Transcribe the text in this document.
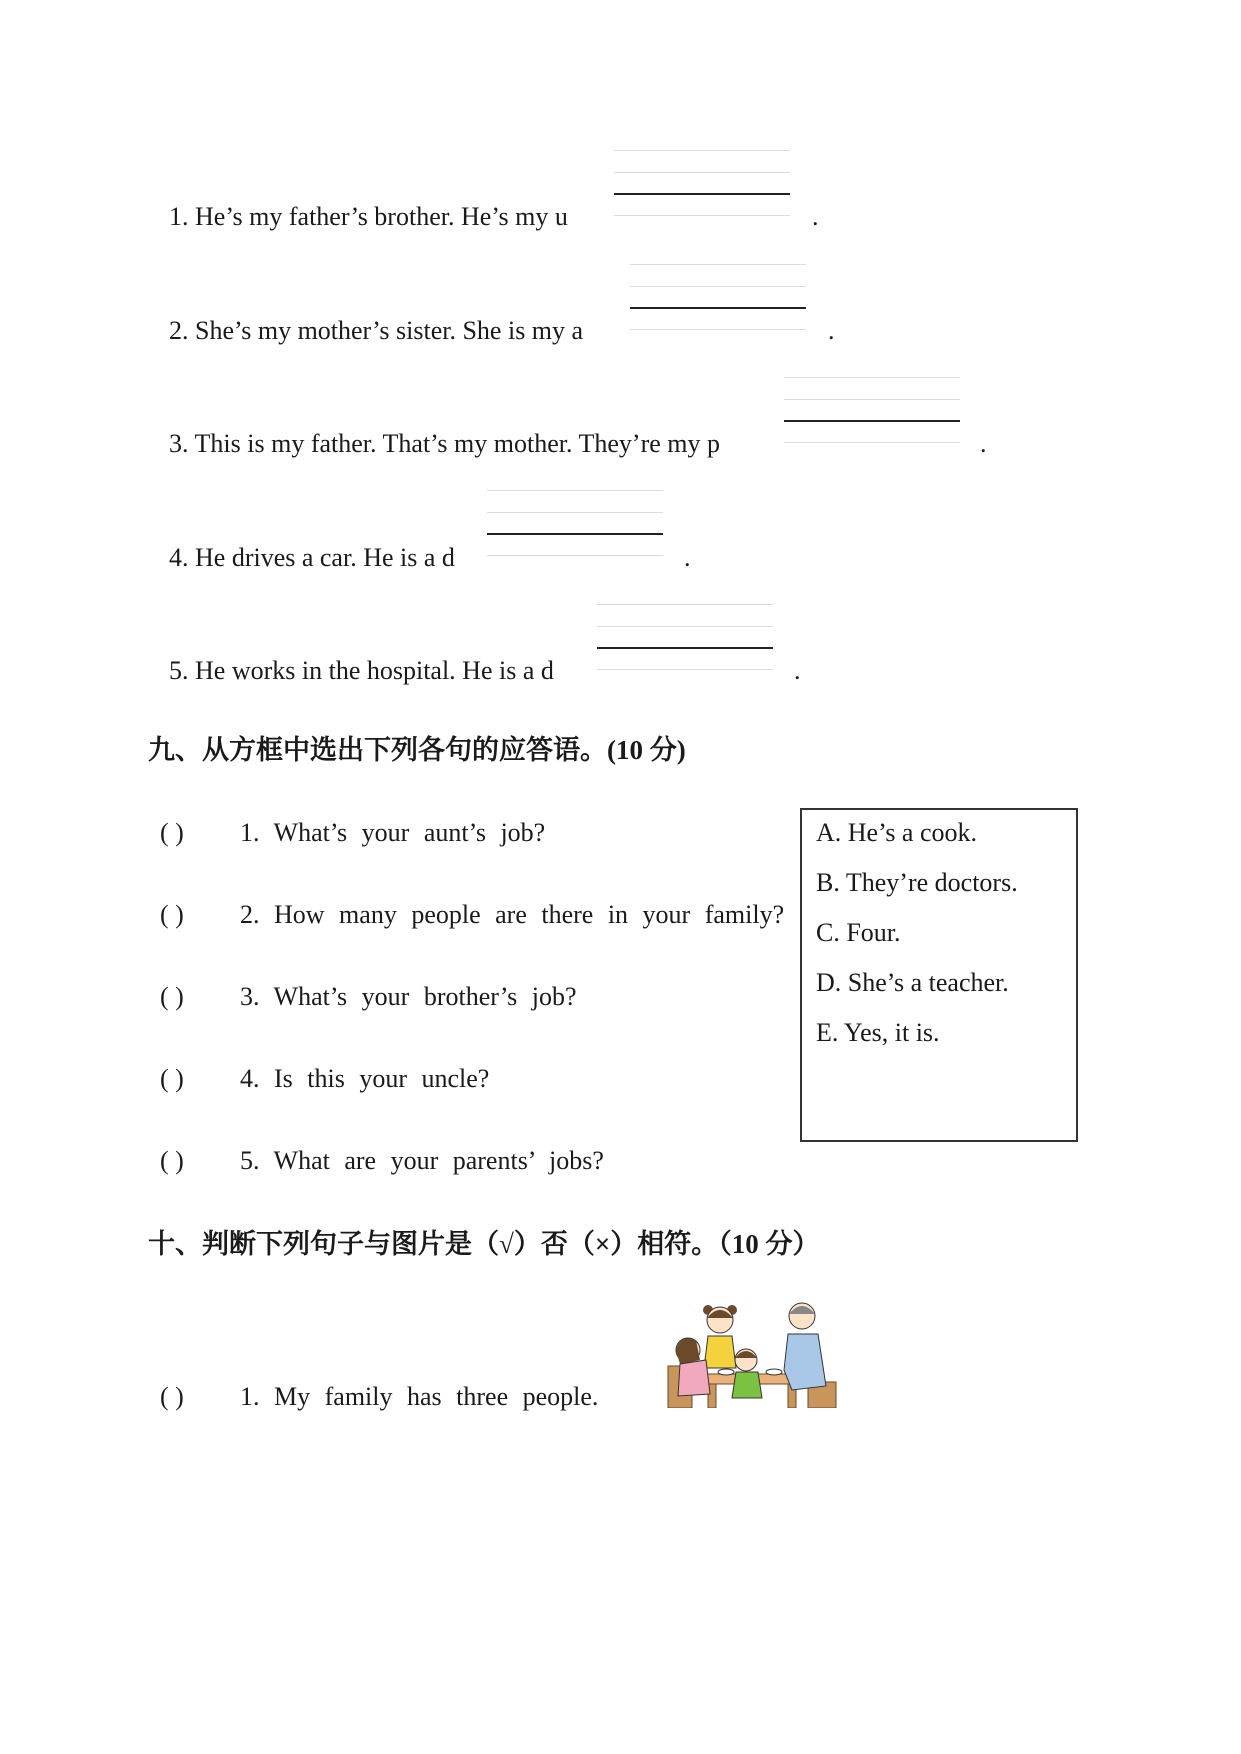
1. He’s my father’s brother. He’s my u	.
2. She’s my mother’s sister. She is my a	.
3. This is my father. That’s my mother. They’re my p	.
4. He drives a car. He is a d	.
5. He works in the hospital. He is a d	.
九、从方框中选出下列各句的应答语。(10 分)
( ) 1. What’s your aunt’s job?
( ) 2. How many people are there in your family?
( ) 3. What’s your brother’s job?
( ) 4. Is this your uncle?
( ) 5. What are your parents’ jobs?
A. He’s a cook.
B. They’re doctors.
C. Four.
D. She’s a teacher.
E. Yes, it is.
十、判断下列句子与图片是（√）否（×）相符。（10 分）
( ) 1. My family has three people.
